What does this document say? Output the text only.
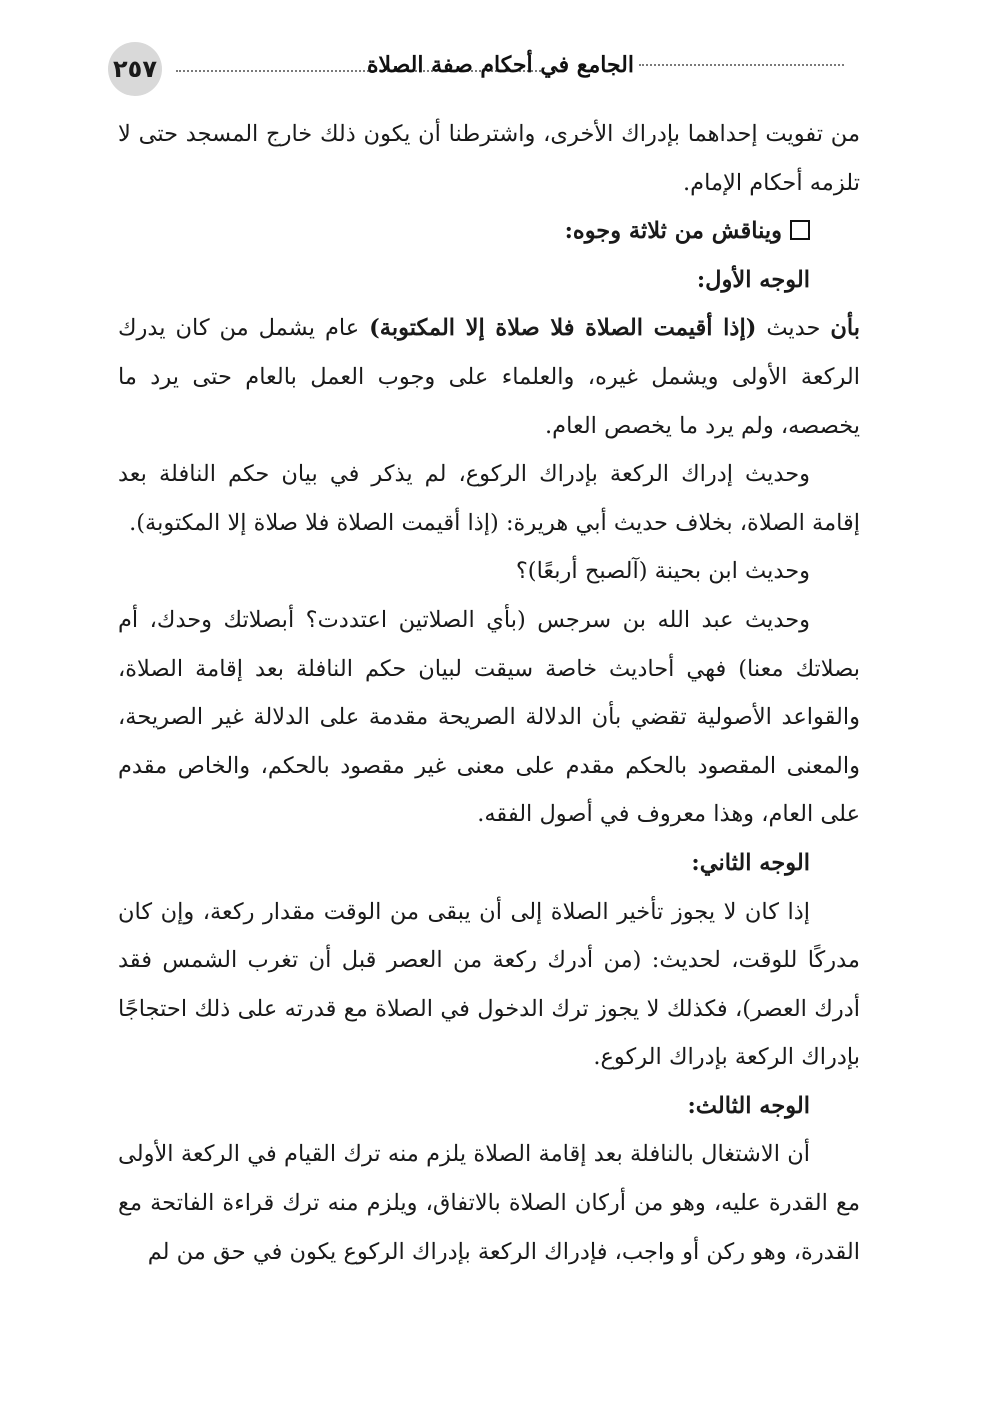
٢٥٧	الجامع في أحكام صفة الصلاة

من تفويت إحداهما بإدراك الأخرى، واشترطنا أن يكون ذلك خارج المسجد حتى لا تلزمه أحكام الإمام.

ويناقش من ثلاثة وجوه:

الوجه الأول:

بأن حديث (إذا أقيمت الصلاة فلا صلاة إلا المكتوبة) عام يشمل من كان يدرك الركعة الأولى ويشمل غيره، والعلماء على وجوب العمل بالعام حتى يرد ما يخصصه، ولم يرد ما يخصص العام.

وحديث إدراك الركعة بإدراك الركوع، لم يذكر في بيان حكم النافلة بعد إقامة الصلاة، بخلاف حديث أبي هريرة: (إذا أقيمت الصلاة فلا صلاة إلا المكتوبة).

وحديث ابن بحينة (آلصبح أربعًا)؟

وحديث عبد الله بن سرجس (بأي الصلاتين اعتددت؟ أبصلاتك وحدك، أم بصلاتك معنا) فهي أحاديث خاصة سيقت لبيان حكم النافلة بعد إقامة الصلاة، والقواعد الأصولية تقضي بأن الدلالة الصريحة مقدمة على الدلالة غير الصريحة، والمعنى المقصود بالحكم مقدم على معنى غير مقصود بالحكم، والخاص مقدم على العام، وهذا معروف في أصول الفقه.

الوجه الثاني:

إذا كان لا يجوز تأخير الصلاة إلى أن يبقى من الوقت مقدار ركعة، وإن كان مدركًا للوقت، لحديث: (من أدرك ركعة من العصر قبل أن تغرب الشمس فقد أدرك العصر)، فكذلك لا يجوز ترك الدخول في الصلاة مع قدرته على ذلك احتجاجًا بإدراك الركعة بإدراك الركوع.

الوجه الثالث:

أن الاشتغال بالنافلة بعد إقامة الصلاة يلزم منه ترك القيام في الركعة الأولى مع القدرة عليه، وهو من أركان الصلاة بالاتفاق، ويلزم منه ترك قراءة الفاتحة مع القدرة، وهو ركن أو واجب، فإدراك الركعة بإدراك الركوع يكون في حق من لم
